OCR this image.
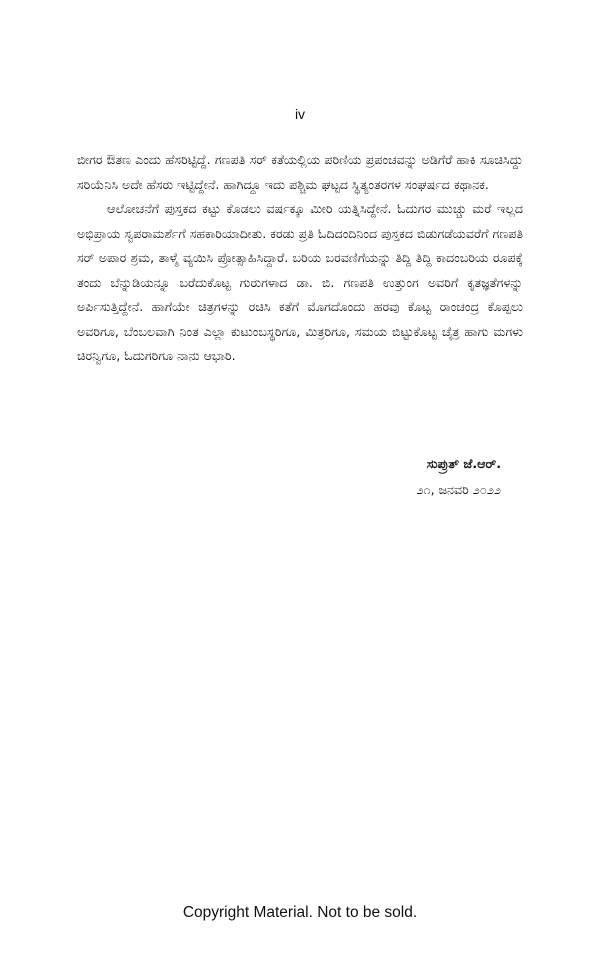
iv

ಬೀಗರ ಔತಣ ಎಂದು ಹೆಸರಿಟ್ಟಿದ್ದೆ. ಗಣಪತಿ ಸರ್ ಕತೆಯಲ್ಲಿಯ ಪರಿಣಿಯ ಪ್ರಪಂಚವನ್ನು ಅಡಿಗೆರೆ ಹಾಕಿ ಸೂಚಿಸಿದ್ದು ಸರಿಯೆನಿಸಿ ಅದೇ ಹೆಸರು ಇಟ್ಟಿದ್ದೇನೆ. ಹಾಗಿದ್ದೂ ಇದು ಪಶ್ಚಿಮ ಘಟ್ಟದ ಸ್ಥಿತ್ಯಂತರಗಳ ಸಂಘರ್ಷದ ಕಥಾನಕ.

ಆಲೋಚನೆಗೆ ಪುಸ್ತಕದ ಕಟ್ಟು ಕೊಡಲು ವರ್ಷಕ್ಕೂ ಮೀರಿ ಯತ್ನಿಸಿದ್ದೇನೆ. ಓದುಗರ ಮುಚ್ಚು ಮರೆ ಇಲ್ಲದ ಅಭಿಪ್ರಾಯ ಸ್ವಪರಾಮರ್ಶೆಗೆ ಸಹಕಾರಿಯಾದೀತು. ಕರಡು ಪ್ರತಿ ಓದಿದಂದಿನಿಂದ ಪುಸ್ತಕದ ಬಿಡುಗಡೆಯವರೆಗೆ ಗಣಪತಿ ಸರ್ ಅಪಾರ ಶ್ರಮ, ತಾಳ್ಮೆ ವ್ಯಯಿಸಿ ಪ್ರೋತ್ಸಾಹಿಸಿದ್ದಾರೆ. ಬರಿಯ ಬರವಣಿಗೆಯನ್ನು ತಿದ್ದಿ ತಿದ್ದಿ ಕಾದಂಬರಿಯ ರೂಪಕ್ಕೆ ತಂದು ಬೆನ್ನುಡಿಯನ್ನೂ ಬರೆದುಕೊಟ್ಟ ಗುರುಗಳಾದ ಡಾ. ಬಿ. ಗಣಪತಿ ಉತ್ತುಂಗ ಅವರಿಗೆ ಕೃತಜ್ಞತೆಗಳನ್ನು ಅರ್ಪಿಸುತ್ತಿದ್ದೇನೆ. ಹಾಗೆಯೇ ಚಿತ್ರಗಳನ್ನು ರಚಿಸಿ ಕತೆಗೆ ಮೊಗದೊಂದು ಹರವು ಕೊಟ್ಟ ರಾಂಚಂದ್ರ ಕೊಪ್ಪಲು ಅವರಿಗೂ, ಬೆಂಬಲವಾಗಿ ನಿಂತ ಎಲ್ಲಾ ಕುಟುಂಬಸ್ಥರಿಗೂ, ಮಿತ್ರರಿಗೂ, ಸಮಯ ಬಿಟ್ಟುಕೊಟ್ಟ ಚೈತ್ರ ಹಾಗು ಮಗಳು ಚಿರನ್ವಿಗೂ, ಓದುಗರಿಗೂ ನಾನು ಆಭಾರಿ.

ಸುಪ್ರುತ್ ಜೆ.ಆರ್.
೨೧, ಜನವರಿ ೨೦೨೨
Copyright Material. Not to be sold.
